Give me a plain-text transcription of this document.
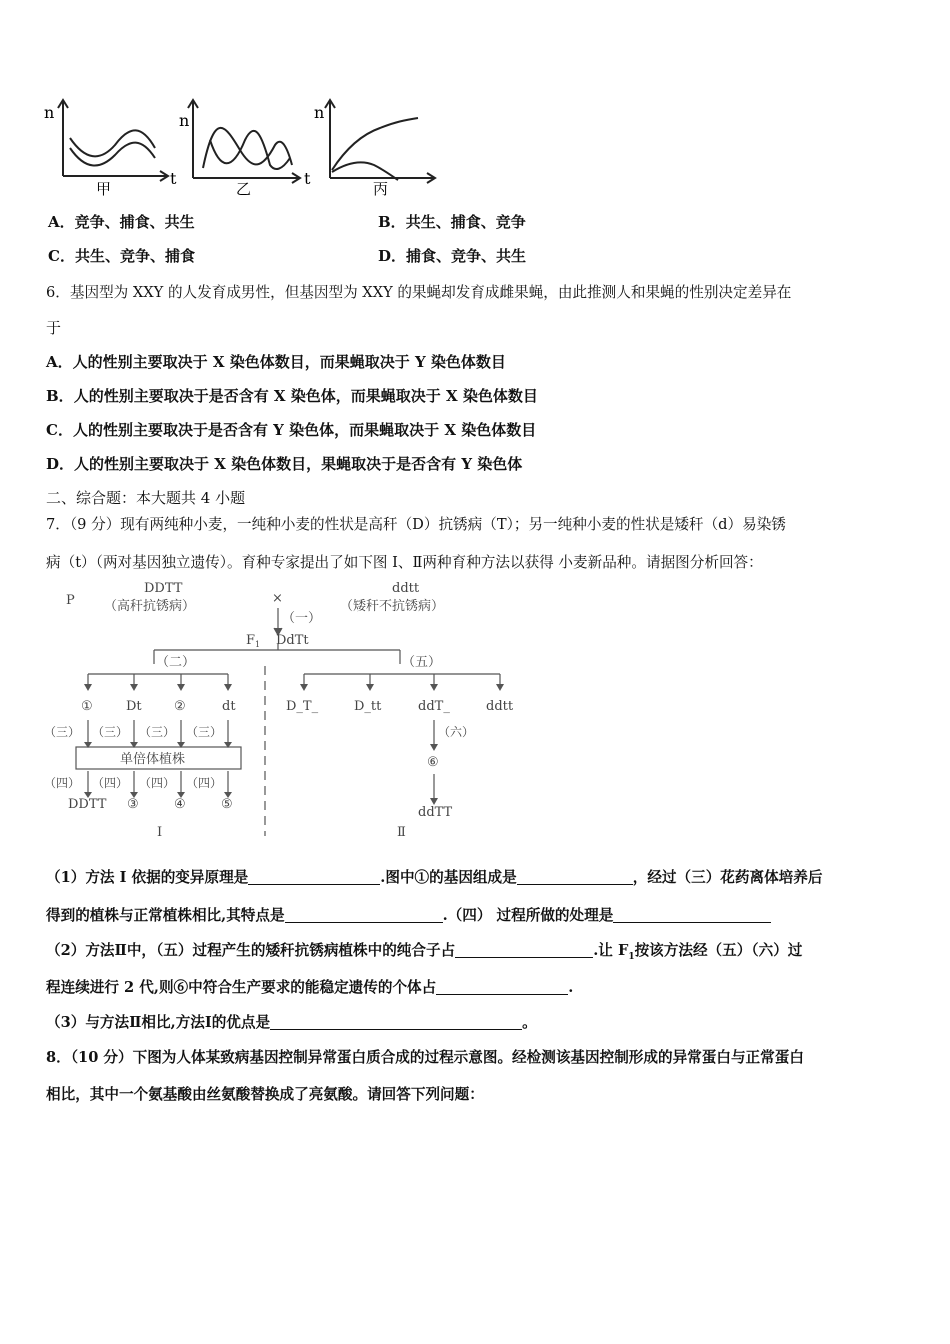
n
t
甲
n
t
乙
n
丙
A．竞争、捕食、共生	B．共生、捕食、竞争
C．共生、竞争、捕食	D．捕食、竞争、共生
6．基因型为 XXY 的人发育成男性，但基因型为 XXY 的果蝇却发育成雌果蝇，由此推测人和果蝇的性别决定差异在
于
A．人的性别主要取决于 X 染色体数目，而果蝇取决于 Y 染色体数目
B．人的性别主要取决于是否含有 X 染色体，而果蝇取决于 X 染色体数目
C．人的性别主要取决于是否含有 Y 染色体，而果蝇取决于 X 染色体数目
D．人的性别主要取决于 X 染色体数目，果蝇取决于是否含有 Y 染色体
二、综合题：本大题共 4 小题
7．（9 分）现有两纯种小麦，一纯种小麦的性状是高秆（D）抗锈病（T）；另一纯种小麦的性状是矮秆（d）易染锈
病（t）（两对基因独立遗传）。育种专家提出了如下图 I、Ⅱ两种育种方法以获得 小麦新品种。请据图分析回答：
P
DDTT
（高秆抗锈病）
×
ddtt
（矮秆不抗锈病）
（一）
F 1 DdTt
（二）	（五）
①	Dt ②	dt
（三） （三） （三） （三）
单倍体植株
（四） （四） （四） （四）
DDTT ③	④	⑤
D_T_	D_tt	ddT_	ddtt
（六）
⑥
ddTT
Ⅰ	Ⅱ
（1）方法 I 依据的变异原理是	.图中①的基因组成是	，经过（三）花药离体培养后
得到的植株与正常植株相比,其特点是	.（四） 过程所做的处理是
（2）方法Ⅱ中，（五）过程产生的矮秆抗锈病植株中的纯合子占	.让 $F_1$按该方法经（五）（六）过
程连续进行 2 代,则⑥中符合生产要求的能稳定遗传的个体占	.
（3）与方法Ⅱ相比,方法Ⅰ的优点是	。
8．（10 分）下图为人体某致病基因控制异常蛋白质合成的过程示意图。经检测该基因控制形成的异常蛋白与正常蛋白
相比，其中一个氨基酸由丝氨酸替换成了亮氨酸。请回答下列问题：
